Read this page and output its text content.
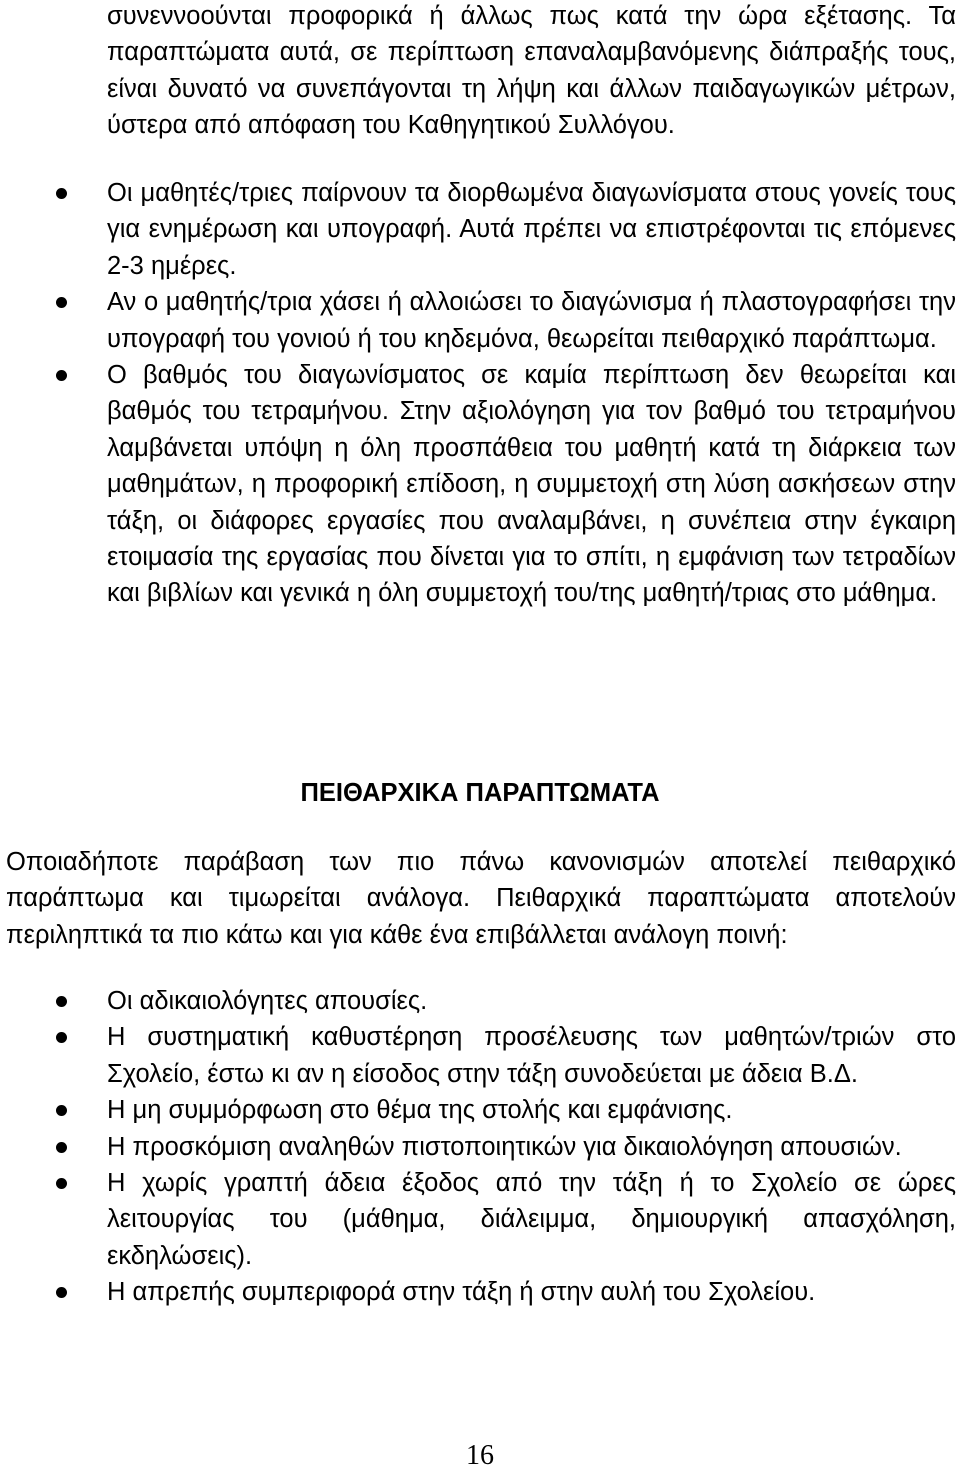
συνεννοούνται προφορικά ή άλλως πως κατά την ώρα εξέτασης. Τα παραπτώματα αυτά, σε περίπτωση επαναλαμβανόμενης διάπραξής τους, είναι δυνατό να συνεπάγονται τη λήψη και άλλων παιδαγωγικών μέτρων, ύστερα από απόφαση του Καθηγητικού Συλλόγου.

Οι μαθητές/τριες παίρνουν τα διορθωμένα διαγωνίσματα στους γονείς τους για ενημέρωση και υπογραφή. Αυτά πρέπει να επιστρέφονται τις επόμενες 2-3 ημέρες.
Αν ο μαθητής/τρια χάσει ή αλλοιώσει το διαγώνισμα ή πλαστογραφήσει την υπογραφή του γονιού ή του κηδεμόνα, θεωρείται πειθαρχικό παράπτωμα.
Ο βαθμός του διαγωνίσματος σε καμία περίπτωση δεν θεωρείται και βαθμός του τετραμήνου. Στην αξιολόγηση για τον βαθμό του τετραμήνου λαμβάνεται υπόψη η όλη προσπάθεια του μαθητή κατά τη διάρκεια των μαθημάτων, η προφορική επίδοση, η συμμετοχή στη λύση ασκήσεων στην τάξη, οι διάφορες εργασίες που αναλαμβάνει, η συνέπεια στην έγκαιρη ετοιμασία της εργασίας που δίνεται για το σπίτι, η εμφάνιση των τετραδίων και βιβλίων και γενικά η όλη συμμετοχή του/της μαθητή/τριας στο μάθημα.
ΠΕΙΘΑΡΧΙΚΑ ΠΑΡΑΠΤΩΜΑΤΑ

Οποιαδήποτε παράβαση των πιο πάνω κανονισμών αποτελεί πειθαρχικό παράπτωμα και τιμωρείται ανάλογα. Πειθαρχικά παραπτώματα αποτελούν περιληπτικά τα πιο κάτω και για κάθε ένα επιβάλλεται ανάλογη ποινή:

Οι αδικαιολόγητες απουσίες.
Η συστηματική καθυστέρηση προσέλευσης των μαθητών/τριών στο Σχολείο, έστω κι αν η είσοδος στην τάξη συνοδεύεται με άδεια Β.Δ.
Η μη συμμόρφωση στο θέμα της στολής και εμφάνισης.
Η προσκόμιση αναληθών πιστοποιητικών για δικαιολόγηση απουσιών.
Η χωρίς γραπτή άδεια έξοδος από την τάξη ή το Σχολείο σε ώρες λειτουργίας του (μάθημα, διάλειμμα, δημιουργική απασχόληση, εκδηλώσεις).
Η απρεπής συμπεριφορά στην τάξη ή στην αυλή του Σχολείου.
16
